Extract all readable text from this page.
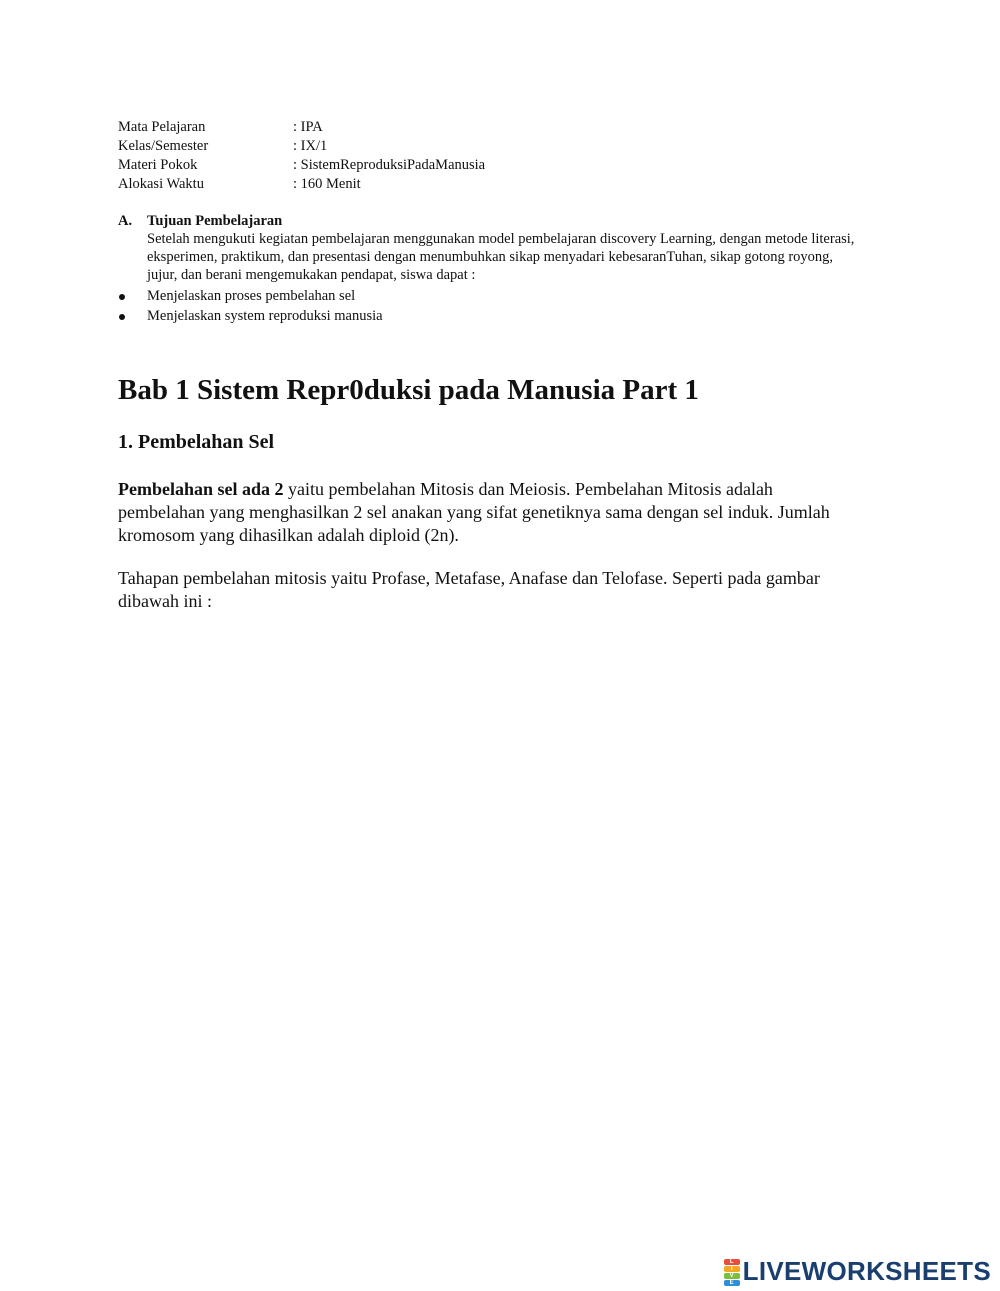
Mata Pelajaran	: IPA
Kelas/Semester	: IX/1
Materi Pokok	: SistemReproduksiPadaManusia
Alokasi Waktu	: 160 Menit
A.	Tujuan Pembelajaran

Setelah mengukuti kegiatan pembelajaran menggunakan model pembelajaran discovery Learning, dengan metode literasi, eksperimen, praktikum, dan presentasi dengan menumbuhkan sikap menyadari kebesaranTuhan, sikap gotong royong, jujur, dan berani mengemukakan pendapat, siswa dapat :

Menjelaskan proses pembelahan sel
Menjelaskan system reproduksi manusia
Bab 1 Sistem Repr0duksi pada Manusia Part 1
1. Pembelahan Sel

Pembelahan sel ada 2 yaitu pembelahan Mitosis dan Meiosis. Pembelahan Mitosis adalah pembelahan yang menghasilkan 2 sel anakan yang sifat genetiknya sama dengan sel induk. Jumlah kromosom yang dihasilkan adalah diploid (2n).

Tahapan pembelahan mitosis yaitu Profase, Metafase, Anafase dan Telofase. Seperti pada gambar dibawah ini :

L
I
V
E LIVEWORKSHEETS
